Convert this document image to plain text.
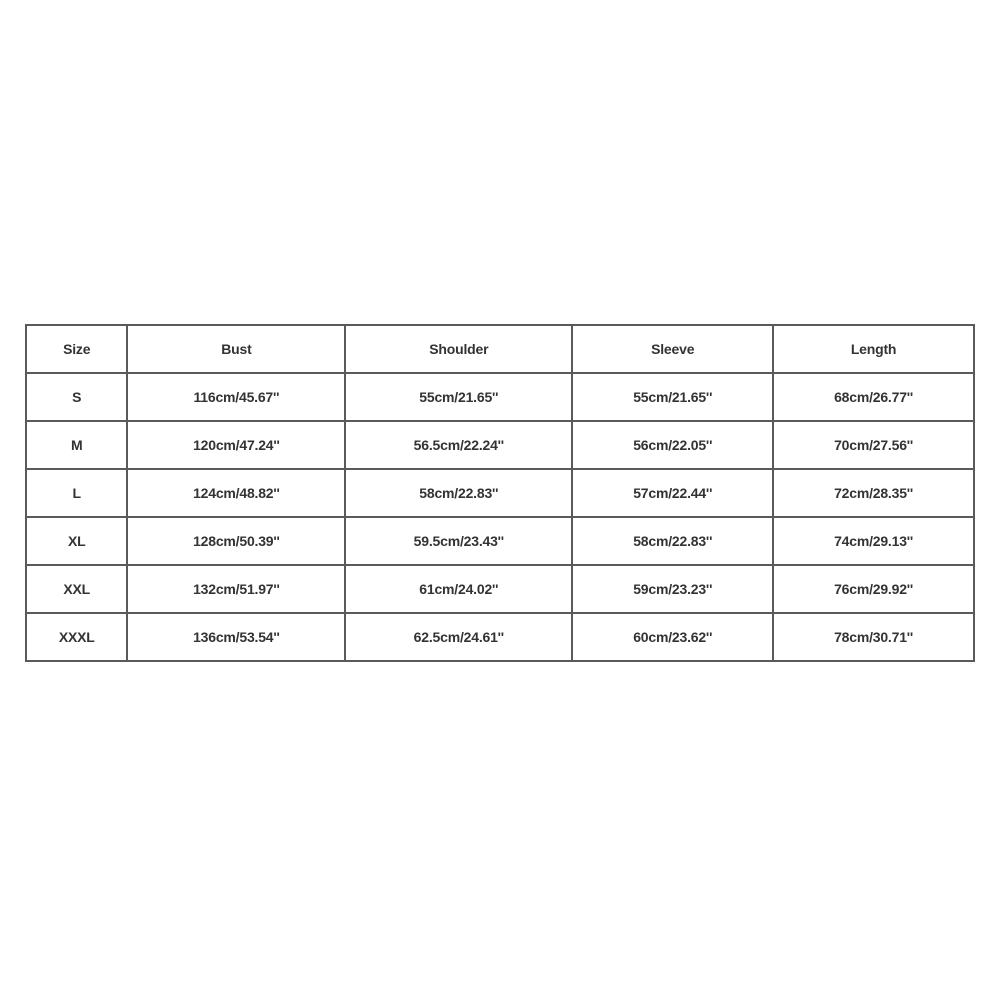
Size	Bust	Shoulder	Sleeve	Length
S	116cm/45.67''	55cm/21.65''	55cm/21.65''	68cm/26.77''
M	120cm/47.24''	56.5cm/22.24''	56cm/22.05''	70cm/27.56''
L	124cm/48.82''	58cm/22.83''	57cm/22.44''	72cm/28.35''
XL	128cm/50.39''	59.5cm/23.43''	58cm/22.83''	74cm/29.13''
XXL	132cm/51.97''	61cm/24.02''	59cm/23.23''	76cm/29.92''
XXXL	136cm/53.54''	62.5cm/24.61''	60cm/23.62''	78cm/30.71''
